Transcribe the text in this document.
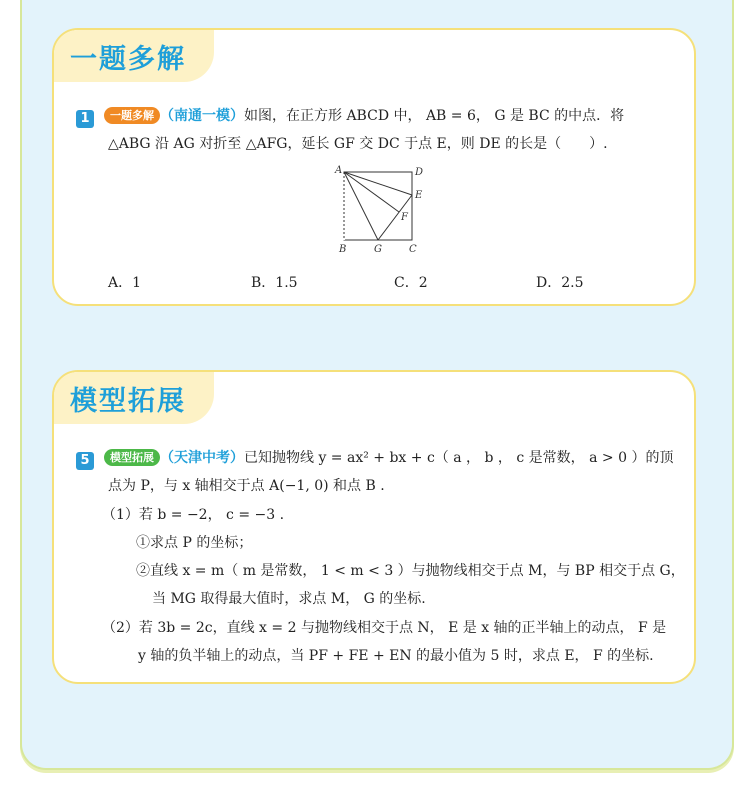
一题多解
1 一题多解 （南通一模）如图，在正方形 ABCD 中， AB = 6， G 是 BC 的中点．将
△ABG 沿 AG 对折至 △AFG，延长 GF 交 DC 于点 E，则 DE 的长是（　　）.
A	D
E
F
B	G	C
A．1	B．1.5	C．2	D．2.5
模型拓展
5 模型拓展 （天津中考）已知抛物线 y = ax² + bx + c（ a ， b ， c 是常数， a > 0 ）的顶
点为 P，与 x 轴相交于点 A(−1, 0) 和点 B .
（1）若 b = −2， c = −3 .
①求点 P 的坐标；
②直线 x = m（ m 是常数， 1 < m < 3 ）与抛物线相交于点 M，与 BP 相交于点 G，
当 MG 取得最大值时，求点 M， G 的坐标.
（2）若 3b = 2c，直线 x = 2 与抛物线相交于点 N， E 是 x 轴的正半轴上的动点， F 是
y 轴的负半轴上的动点，当 PF + FE + EN 的最小值为 5 时，求点 E， F 的坐标.
